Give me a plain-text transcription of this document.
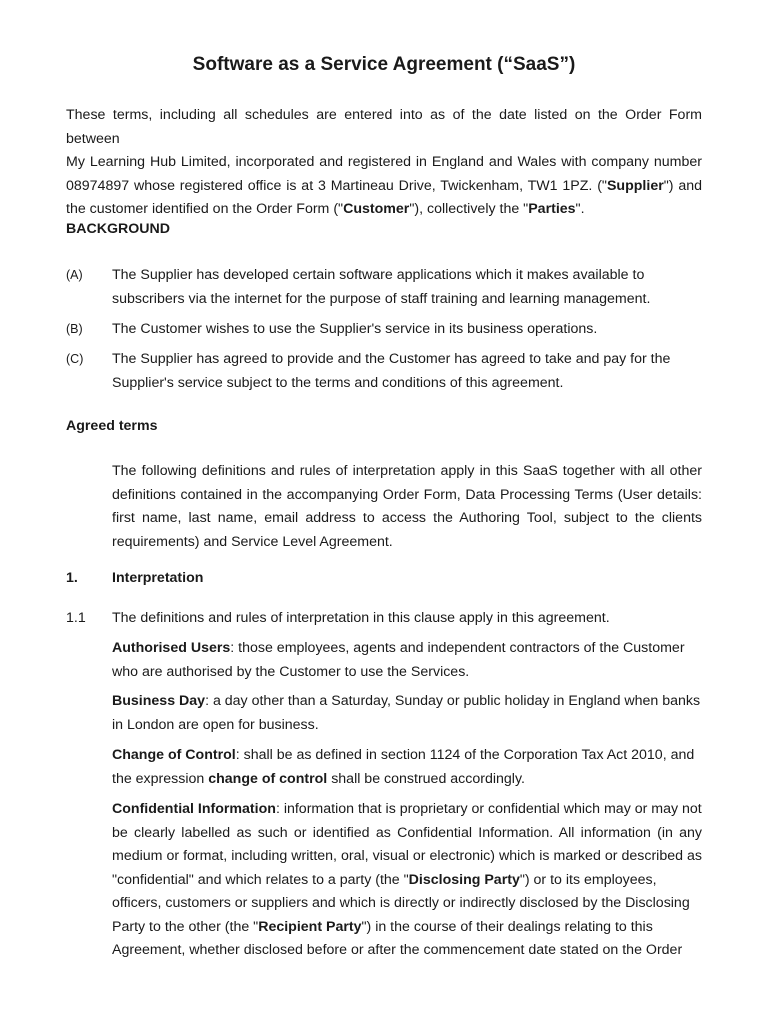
Software as a Service Agreement (“SaaS”)
These terms, including all schedules are entered into as of the date listed on the Order Form between
My Learning Hub Limited, incorporated and registered in England and Wales with company number
08974897 whose registered office is at 3 Martineau Drive, Twickenham, TW1 1PZ. ("Supplier") and
the customer identified on the Order Form ("Customer"), collectively the "Parties".
BACKGROUND
(A) The Supplier has developed certain software applications which it makes available to
subscribers via the internet for the purpose of staff training and learning management.
(B) The Customer wishes to use the Supplier's service in its business operations.
(C) The Supplier has agreed to provide and the Customer has agreed to take and pay for the
Supplier's service subject to the terms and conditions of this agreement.
Agreed terms
The following definitions and rules of interpretation apply in this SaaS together with all other
definitions contained in the accompanying Order Form, Data Processing Terms (User details:
first name, last name, email address to access the Authoring Tool, subject to the clients
requirements) and Service Level Agreement.
1. Interpretation
1.1 The definitions and rules of interpretation in this clause apply in this agreement.
Authorised Users: those employees, agents and independent contractors of the Customer
who are authorised by the Customer to use the Services.
Business Day: a day other than a Saturday, Sunday or public holiday in England when banks
in London are open for business.
Change of Control: shall be as defined in section 1124 of the Corporation Tax Act 2010, and
the expression change of control shall be construed accordingly.
Confidential Information: information that is proprietary or confidential which may or may not
be clearly labelled as such or identified as Confidential Information. All information (in any
medium or format, including written, oral, visual or electronic) which is marked or described as
"confidential" and which relates to a party (the "Disclosing Party") or to its employees,
officers, customers or suppliers and which is directly or indirectly disclosed by the Disclosing
Party to the other (the "Recipient Party") in the course of their dealings relating to this
Agreement, whether disclosed before or after the commencement date stated on the Order
